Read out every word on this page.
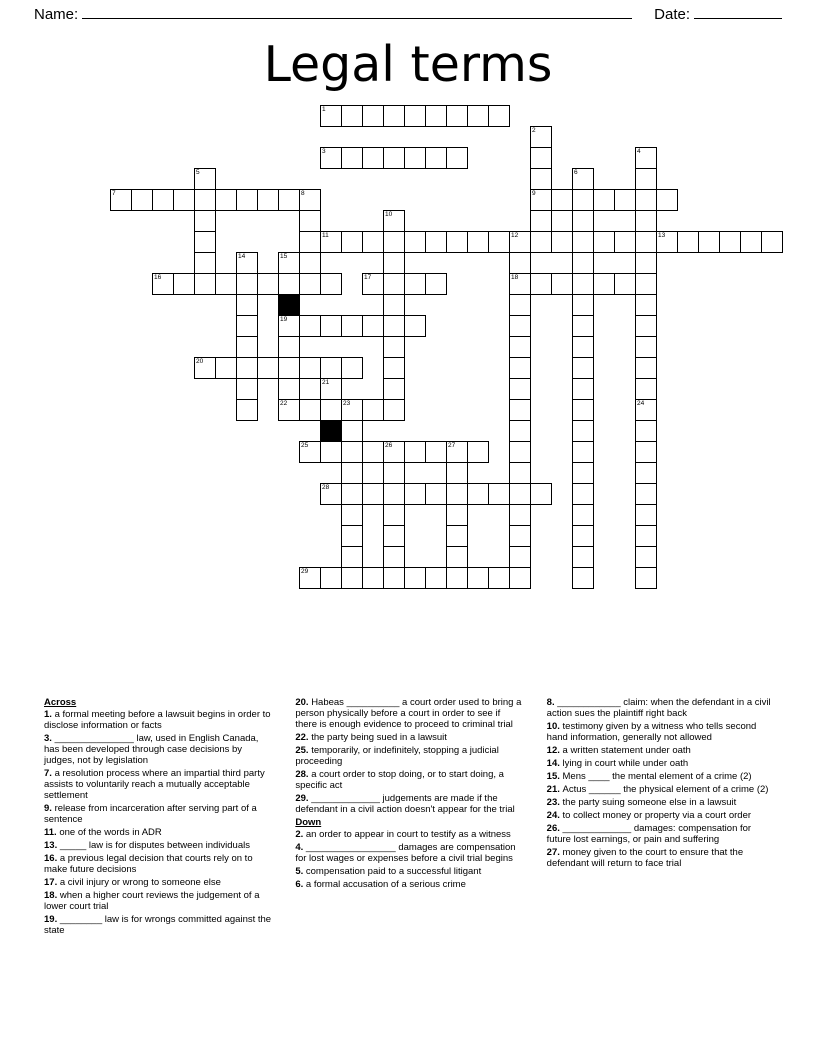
Name:	Date:
Legal terms
1
2
3	4
5	6
7	8	9
10
11	12	13
14	15
16	17	18
19
20
21
22	23	24
25	26	27
28
29
Across
1. a formal meeting before a lawsuit begins in order to disclose information or facts
3. _______________ law, used in English Canada, has been developed through case decisions by judges, not by legislation
7. a resolution process where an impartial third party assists to voluntarily reach a mutually acceptable settlement
9. release from incarceration after serving part of a sentence
11. one of the words in ADR
13. _____ law is for disputes between individuals
16. a previous legal decision that courts rely on to make future decisions
17. a civil injury or wrong to someone else
18. when a higher court reviews the judgement of a lower court trial
19. ________ law is for wrongs committed against the state
20. Habeas __________ a court order used to bring a person physically before a court in order to see if there is enough evidence to proceed to criminal trial
22. the party being sued in a lawsuit
25. temporarily, or indefinitely, stopping a judicial proceeding
28. a court order to stop doing, or to start doing, a specific act
29. _____________ judgements are made if the defendant in a civil action doesn't appear for the trial
Down
2. an order to appear in court to testify as a witness
4. _________________ damages are compensation for lost wages or expenses before a civil trial begins
5. compensation paid to a successful litigant
6. a formal accusation of a serious crime
8. ____________ claim: when the defendant in a civil action sues the plaintiff right back
10. testimony given by a witness who tells second hand information, generally not allowed
12. a written statement under oath
14. lying in court while under oath
15. Mens ____ the mental element of a crime (2)
21. Actus ______ the physical element of a crime (2)
23. the party suing someone else in a lawsuit
24. to collect money or property via a court order
26. _____________ damages: compensation for future lost earnings, or pain and suffering
27. money given to the court to ensure that the defendant will return to face trial
